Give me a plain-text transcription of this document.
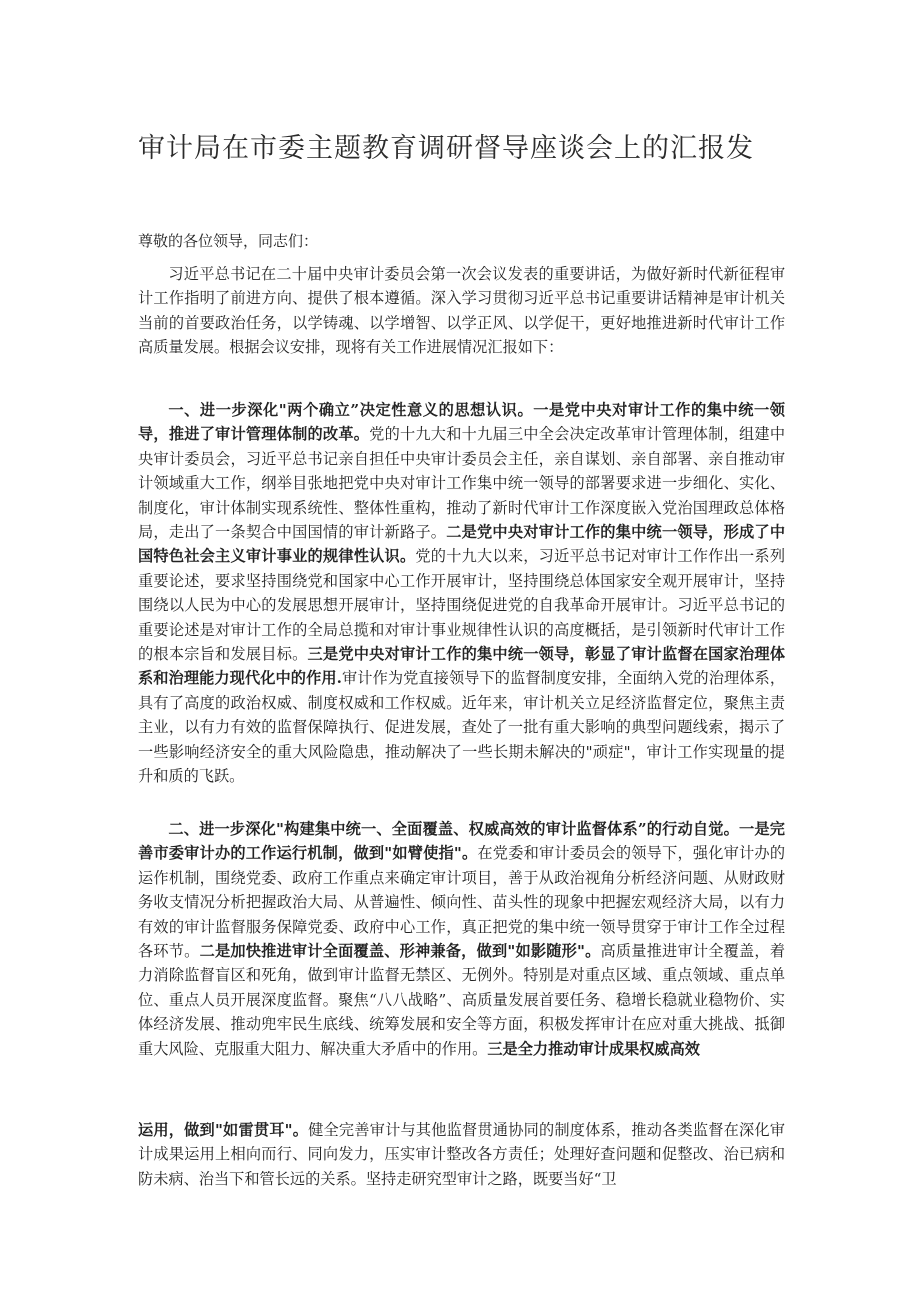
审计局在市委主题教育调研督导座谈会上的汇报发
尊敬的各位领导，同志们：

习近平总书记在二十届中央审计委员会第一次会议发表的重要讲话，为做好新时代新征程审计工作指明了前进方向、提供了根本遵循。深入学习贯彻习近平总书记重要讲话精神是审计机关当前的首要政治任务，以学铸魂、以学增智、以学正风、以学促干，更好地推进新时代审计工作高质量发展。根据会议安排，现将有关工作进展情况汇报如下：

一、进一步深化"两个确立”决定性意义的思想认识。一是党中央对审计工作的集中统一领导，推进了审计管理体制的改革。党的十九大和十九届三中全会决定改革审计管理体制，组建中央审计委员会，习近平总书记亲自担任中央审计委员会主任，亲自谋划、亲自部署、亲自推动审计领域重大工作，纲举目张地把党中央对审计工作集中统一领导的部署要求进一步细化、实化、制度化，审计体制实现系统性、整体性重构，推动了新时代审计工作深度嵌入党治国理政总体格局，走出了一条契合中国国情的审计新路子。二是党中央对审计工作的集中统一领导，形成了中国特色社会主义审计事业的规律性认识。党的十九大以来，习近平总书记对审计工作作出一系列重要论述，要求坚持围绕党和国家中心工作开展审计，坚持围绕总体国家安全观开展审计，坚持围绕以人民为中心的发展思想开展审计，坚持围绕促进党的自我革命开展审计。习近平总书记的重要论述是对审计工作的全局总揽和对审计事业规律性认识的高度概括，是引领新时代审计工作的根本宗旨和发展目标。三是党中央对审计工作的集中统一领导，彰显了审计监督在国家治理体系和治理能力现代化中的作用.审计作为党直接领导下的监督制度安排，全面纳入党的治理体系，具有了高度的政治权威、制度权威和工作权威。近年来，审计机关立足经济监督定位，聚焦主责主业，以有力有效的监督保障执行、促进发展，查处了一批有重大影响的典型问题线索，揭示了一些影响经济安全的重大风险隐患，推动解决了一些长期未解决的"顽症"，审计工作实现量的提升和质的飞跃。

二、进一步深化"构建集中统一、全面覆盖、权威高效的审计监督体系”的行动自觉。一是完善市委审计办的工作运行机制，做到"如臂使指"。在党委和审计委员会的领导下，强化审计办的运作机制，围绕党委、政府工作重点来确定审计项目，善于从政治视角分析经济问题、从财政财务收支情况分析把握政治大局、从普遍性、倾向性、苗头性的现象中把握宏观经济大局，以有力有效的审计监督服务保障党委、政府中心工作，真正把党的集中统一领导贯穿于审计工作全过程各环节。二是加快推进审计全面覆盖、形神兼备，做到"如影随形"。高质量推进审计全覆盖，着力消除监督盲区和死角，做到审计监督无禁区、无例外。特别是对重点区域、重点领域、重点单位、重点人员开展深度监督。聚焦“八八战略”、高质量发展首要任务、稳增长稳就业稳物价、实体经济发展、推动兜牢民生底线、统筹发展和安全等方面，积极发挥审计在应对重大挑战、抵御重大风险、克服重大阻力、解决重大矛盾中的作用。三是全力推动审计成果权威高效

运用，做到"如雷贯耳"。健全完善审计与其他监督贯通协同的制度体系，推动各类监督在深化审计成果运用上相向而行、同向发力，压实审计整改各方责任；处理好查问题和促整改、治已病和防未病、治当下和管长远的关系。坚持走研究型审计之路，既要当好“卫
